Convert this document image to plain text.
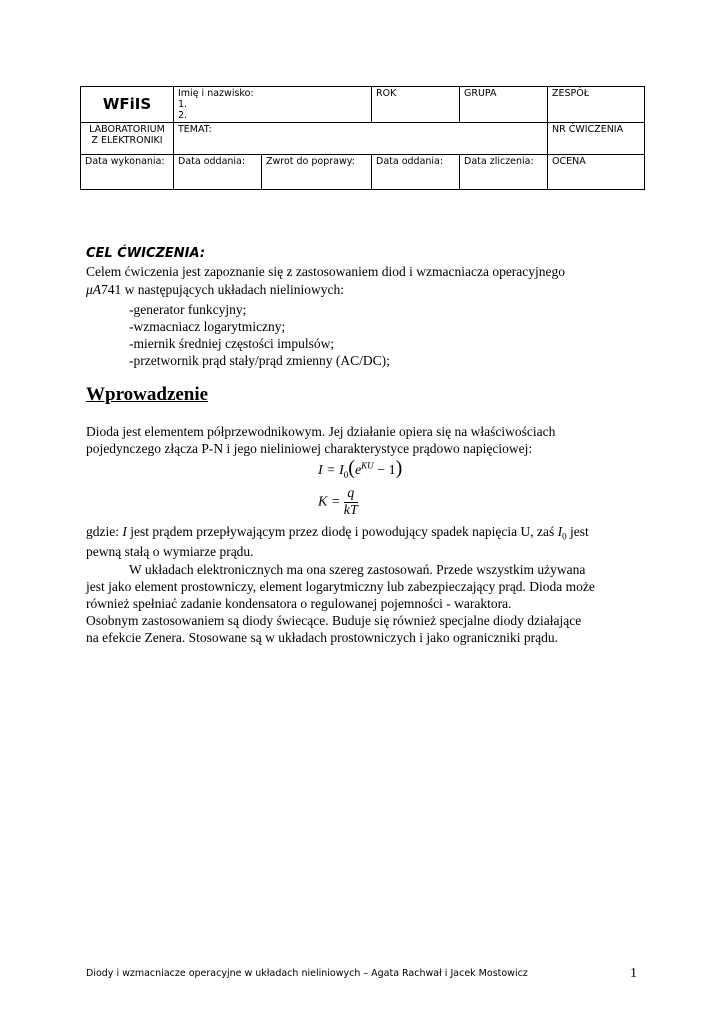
WFiIS	Imię i nazwisko:
1.
2.		ROK	GRUPA	ZESPÓŁ

LABORATORIUM
Z ELEKTRONIKI	TEMAT:				NR ĆWICZENIA
Data wykonania:	Data oddania:	Zwrot do poprawy:	Data oddania:	Data zliczenia:	OCENA
CEL ĆWICZENIA:
Celem ćwiczenia jest zapoznanie się z zastosowaniem diod i wzmacniacza operacyjnego
μA741 w następujących układach nieliniowych:
-generator funkcyjny;
-wzmacniacz logarytmiczny;
-miernik średniej częstości impulsów;
-przetwornik prąd stały/prąd zmienny (AC/DC);
Wprowadzenie
Dioda jest elementem półprzewodnikowym. Jej działanie opiera się na właściwościach
pojedynczego złącza P-N i jego nieliniowej charakterystyce prądowo napięciowej:
$I = I_0(e^{KU} - 1)$
$K = \frac{q}{kT}$
gdzie: I jest prądem przepływającym przez diodę i powodujący spadek napięcia U, zaś $I_0$ jest
pewną stałą o wymiarze prądu.
W układach elektronicznych ma ona szereg zastosowań. Przede wszystkim używana
jest jako element prostowniczy, element logarytmiczny lub zabezpieczający prąd. Dioda może
również spełniać zadanie kondensatora o regulowanej pojemności - waraktora.
Osobnym zastosowaniem są diody świecące. Buduje się również specjalne diody działające
na efekcie Zenera. Stosowane są w układach prostowniczych i jako ograniczniki prądu.
Diody i wzmacniacze operacyjne w układach nieliniowych – Agata Rachwał i Jacek Mostowicz	1
